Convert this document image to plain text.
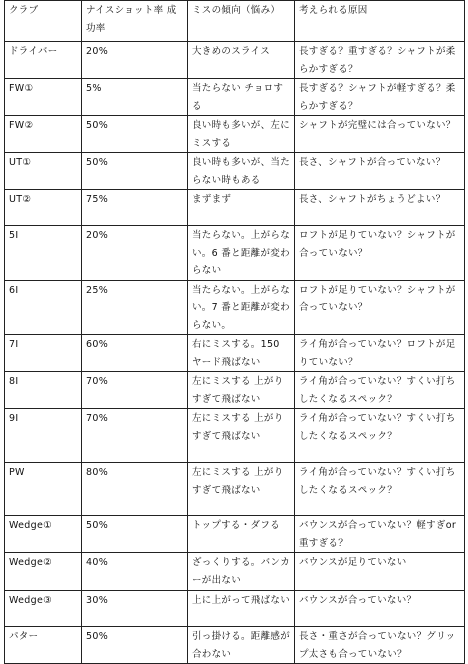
クラブ	ナイスショット率 成功率	ミスの傾向（悩み）	考えられる原因
ドライバー	20%	大きめのスライス	長すぎる？重すぎる？シャフトが柔らかすぎる？
FW①	5%	当たらない チョロする	長すぎる？シャフトが軽すぎる？柔らかすぎる？
FW②	50%	良い時も多いが、左にミスする	シャフトが完璧には合っていない？
UT①	50%	良い時も多いが、当たらない時もある	長さ、シャフトが合っていない？
UT②	75%	まずまず	長さ、シャフトがちょうどよい？
5I	20%	当たらない。上がらない。6 番と距離が変わらない	ロフトが足りていない？シャフトが合っていない？
6I	25%	当たらない。上がらない。7 番と距離が変わらない。	ロフトが足りていない？シャフトが合っていない？
7I	60%	右にミスする。150 ヤード飛ばない	ライ角が合っていない？ロフトが足りていない？
8I	70%	左にミスする 上がりすぎて飛ばない	ライ角が合っていない？すくい打ちしたくなるスペック？
9I	70%	左にミスする 上がりすぎて飛ばない	ライ角が合っていない？すくい打ちしたくなるスペック？
PW	80%	左にミスする 上がりすぎて飛ばない	ライ角が合っていない？すくい打ちしたくなるスペック？
Wedge①	50%	トップする・ダフる	バウンスが合っていない？軽すぎor 重すぎる？
Wedge②	40%	ざっくりする。バンカーが出ない	バウンスが足りていない
Wedge③	30%	上に上がって飛ばない	バウンスが合っていない？
パター	50%	引っ掛ける。距離感が合わない	長さ・重さが合っていない？グリップ太さも合っていない？
